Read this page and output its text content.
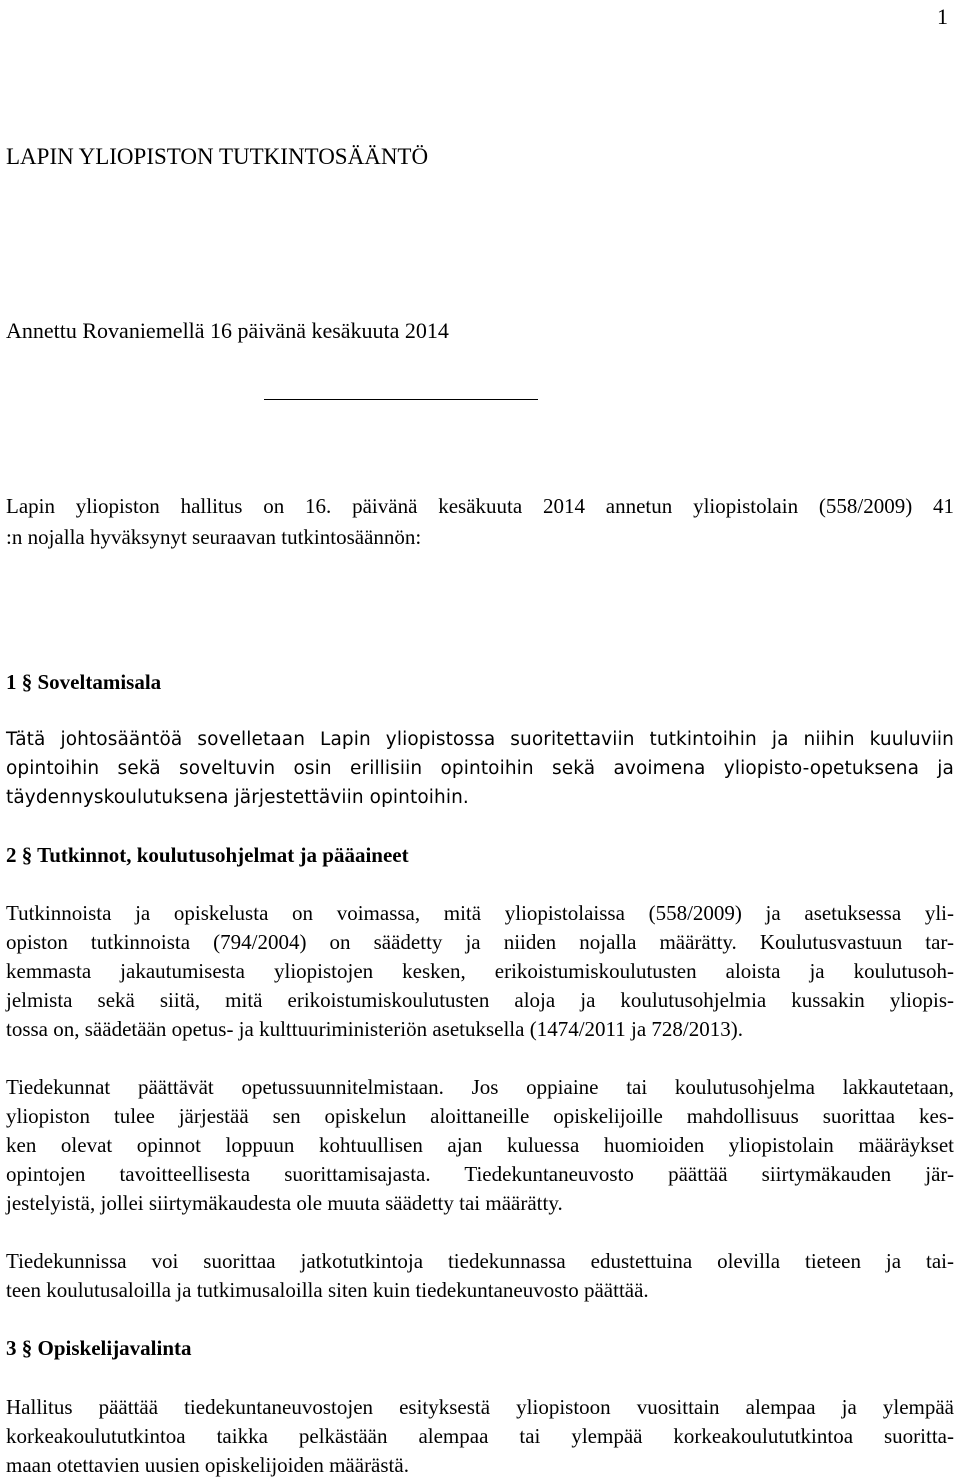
1
LAPIN YLIOPISTON TUTKINTOSÄÄNTÖ
Annettu Rovaniemellä 16 päivänä kesäkuuta 2014
Lapin yliopiston hallitus on 16. päivänä kesäkuuta 2014 annetun yliopistolain (558/2009) 41
:n nojalla hyväksynyt seuraavan tutkintosäännön:
1 § Soveltamisala
Tätä johtosääntöä sovelletaan Lapin yliopistossa suoritettaviin tutkintoihin ja niihin kuuluviin
opintoihin sekä soveltuvin osin erillisiin opintoihin sekä avoimena yliopisto-opetuksena ja
täydennyskoulutuksena järjestettäviin opintoihin.
2 § Tutkinnot, koulutusohjelmat ja pääaineet
Tutkinnoista ja opiskelusta on voimassa, mitä yliopistolaissa (558/2009) ja asetuksessa yli-
opiston tutkinnoista (794/2004) on säädetty ja niiden nojalla määrätty. Koulutusvastuun tar-
kemmasta jakautumisesta yliopistojen kesken, erikoistumiskoulutusten aloista ja koulutusoh-
jelmista sekä siitä, mitä erikoistumiskoulutusten aloja ja koulutusohjelmia kussakin yliopis-
tossa on, säädetään opetus- ja kulttuuriministeriön asetuksella (1474/2011 ja 728/2013).
Tiedekunnat päättävät opetussuunnitelmistaan. Jos oppiaine tai koulutusohjelma lakkautetaan,
yliopiston tulee järjestää sen opiskelun aloittaneille opiskelijoille mahdollisuus suorittaa kes-
ken olevat opinnot loppuun kohtuullisen ajan kuluessa huomioiden yliopistolain määräykset
opintojen tavoitteellisesta suorittamisajasta. Tiedekuntaneuvosto päättää siirtymäkauden jär-
jestelyistä, jollei siirtymäkaudesta ole muuta säädetty tai määrätty.
Tiedekunnissa voi suorittaa jatkotutkintoja tiedekunnassa edustettuina olevilla tieteen ja tai-
teen koulutusaloilla ja tutkimusaloilla siten kuin tiedekuntaneuvosto päättää.
3 § Opiskelijavalinta
Hallitus päättää tiedekuntaneuvostojen esityksestä yliopistoon vuosittain alempaa ja ylempää
korkeakoulututkintoa taikka pelkästään alempaa tai ylempää korkeakoulututkintoa suoritta-
maan otettavien uusien opiskelijoiden määrästä.
